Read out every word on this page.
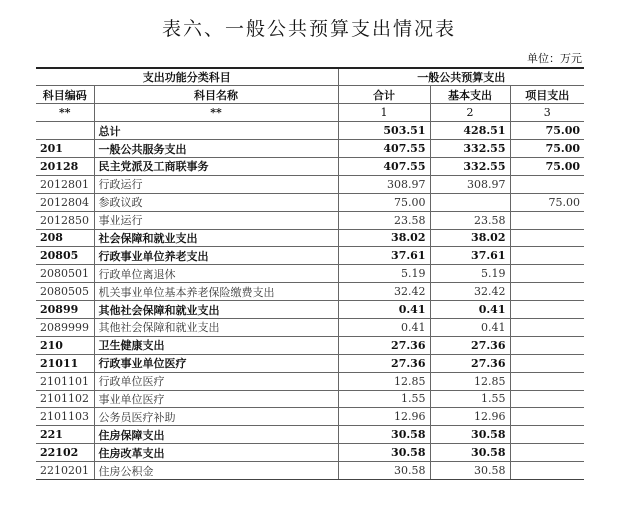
表六、一般公共预算支出情况表
单位：万元
支出功能分类科目		一般公共预算支出		
科目编码	科目名称	合计	基本支出	项目支出
**	**	1	2	3
	总计	503.51	428.51	75.00
201	一般公共服务支出	407.55	332.55	75.00
20128	民主党派及工商联事务	407.55	332.55	75.00
2012801	行政运行	308.97	308.97	
2012804	参政议政	75.00		75.00
2012850	事业运行	23.58	23.58	
208	社会保障和就业支出	38.02	38.02	
20805	行政事业单位养老支出	37.61	37.61	
2080501	行政单位离退休	5.19	5.19	
2080505	机关事业单位基本养老保险缴费支出	32.42	32.42	
20899	其他社会保障和就业支出	0.41	0.41	
2089999	其他社会保障和就业支出	0.41	0.41	
210	卫生健康支出	27.36	27.36	
21011	行政事业单位医疗	27.36	27.36	
2101101	行政单位医疗	12.85	12.85	
2101102	事业单位医疗	1.55	1.55	
2101103	公务员医疗补助	12.96	12.96	
221	住房保障支出	30.58	30.58	
22102	住房改革支出	30.58	30.58	
2210201	住房公积金	30.58	30.58	
